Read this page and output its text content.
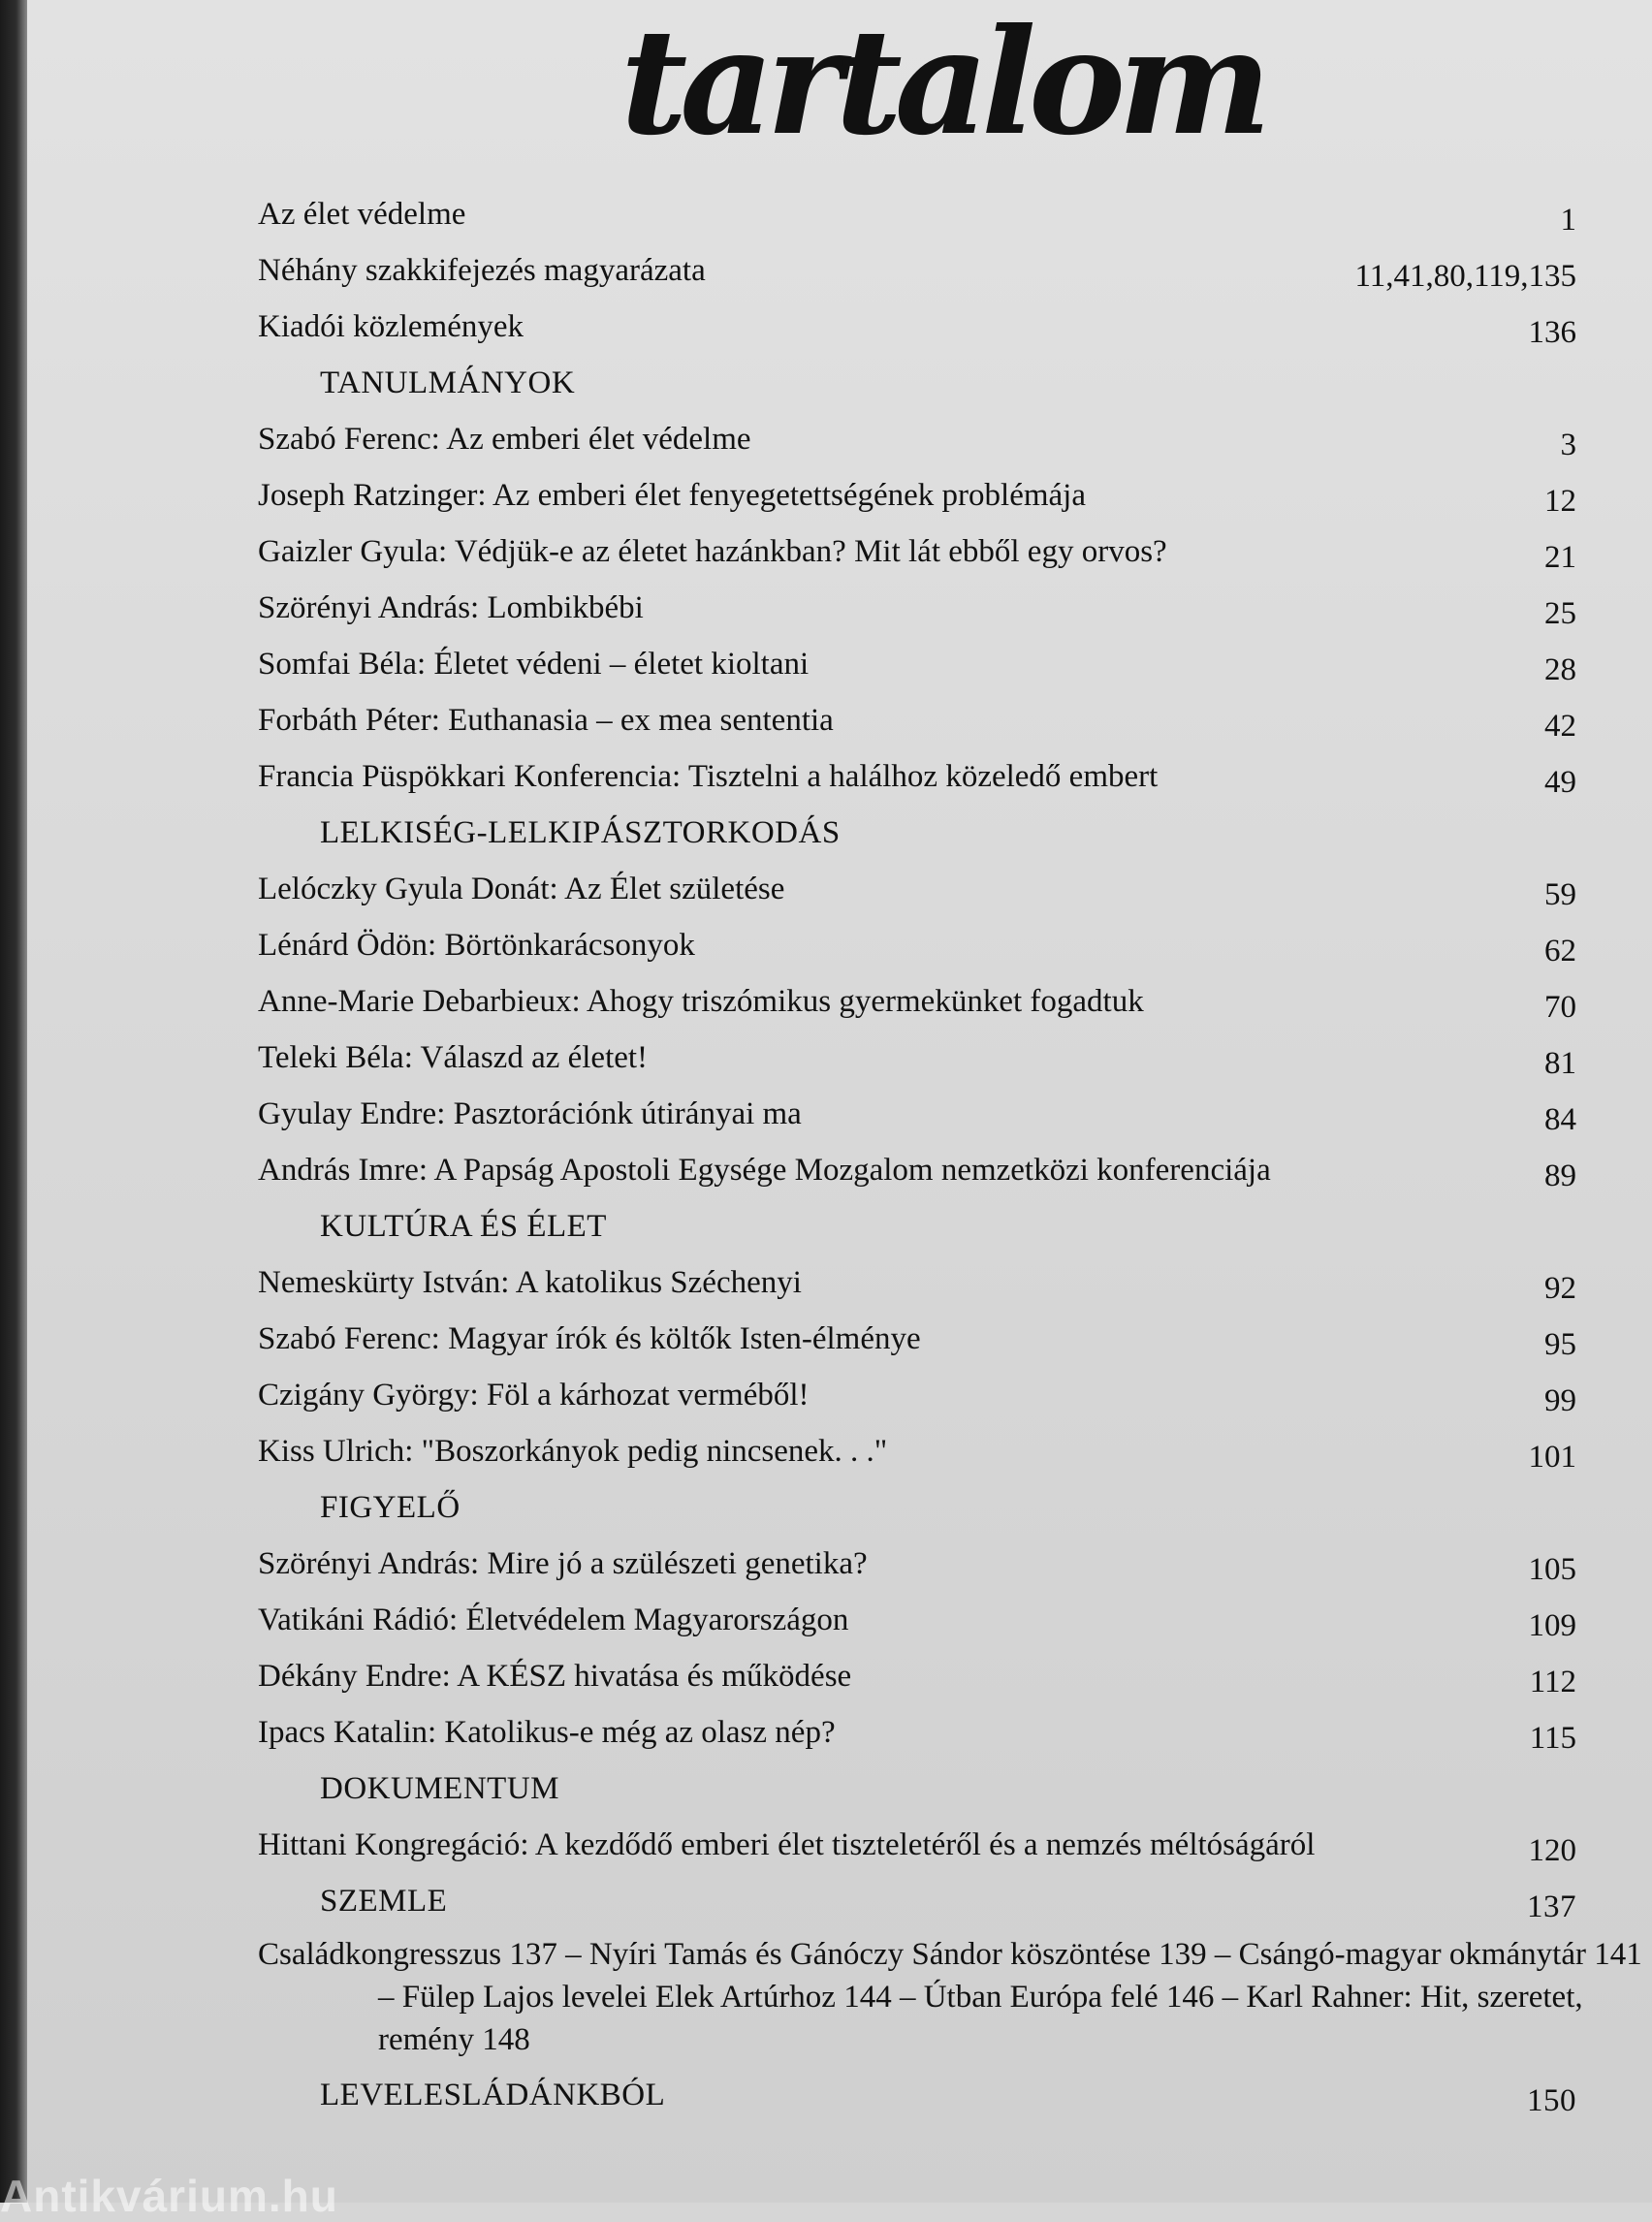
tartalom
Az élet védelme	1
Néhány szakkifejezés magyarázata	11,41,80,119,135
Kiadói közlemények	136
TANULMÁNYOK
Szabó Ferenc: Az emberi élet védelme	3
Joseph Ratzinger: Az emberi élet fenyegetettségének problémája	12
Gaizler Gyula: Védjük-e az életet hazánkban? Mit lát ebből egy orvos?	21
Szörényi András: Lombikbébi	25
Somfai Béla: Életet védeni – életet kioltani	28
Forbáth Péter: Euthanasia – ex mea sententia	42
Francia Püspökkari Konferencia: Tisztelni a halálhoz közeledő embert	49
LELKISÉG-LELKIPÁSZTORKODÁS
Lelóczky Gyula Donát: Az Élet születése	59
Lénárd Ödön: Börtönkarácsonyok	62
Anne-Marie Debarbieux: Ahogy triszómikus gyermekünket fogadtuk	70
Teleki Béla: Válaszd az életet!	81
Gyulay Endre: Pasztorációnk útirányai ma	84
András Imre: A Papság Apostoli Egysége Mozgalom nemzetközi konferenciája	89
KULTÚRA ÉS ÉLET
Nemeskürty István: A katolikus Széchenyi	92
Szabó Ferenc: Magyar írók és költők Isten-élménye	95
Czigány György: Föl a kárhozat verméből!	99
Kiss Ulrich: "Boszorkányok pedig nincsenek. . ."	101
FIGYELŐ
Szörényi András: Mire jó a szülészeti genetika?	105
Vatikáni Rádió: Életvédelem Magyarországon	109
Dékány Endre: A KÉSZ hivatása és működése	112
Ipacs Katalin: Katolikus-e még az olasz nép?	115
DOKUMENTUM
Hittani Kongregáció: A kezdődő emberi élet tiszteletéről és a nemzés méltóságáról	120
SZEMLE	137
Családkongresszus 137 – Nyíri Tamás és Gánóczy Sándor köszöntése 139 – Csángó-magyar okmánytár 141 – Fülep Lajos levelei Elek Artúrhoz 144 – Útban Európa felé 146 – Karl Rahner: Hit, szeretet, remény 148
LEVELESLÁDÁNKBÓL	150
Antikvárium.hu
